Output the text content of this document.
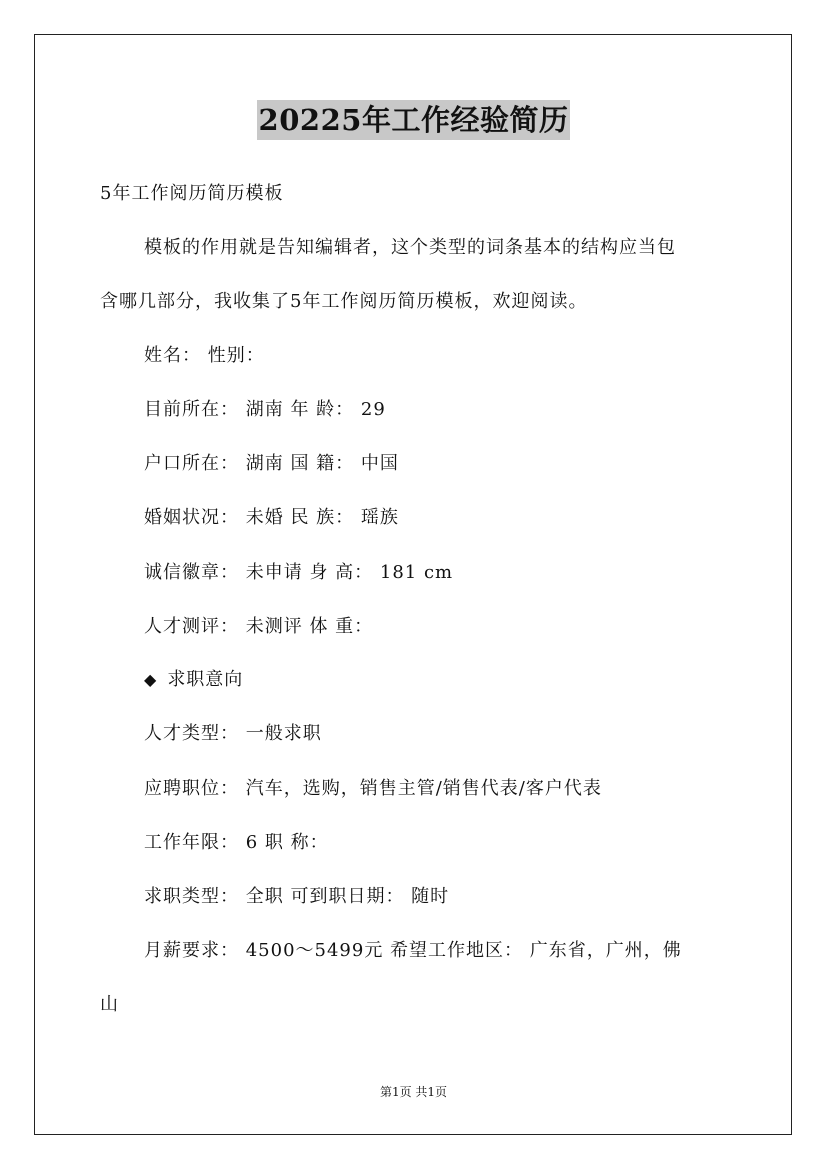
20225年工作经验简历
5年工作阅历简历模板
模板的作用就是告知编辑者，这个类型的词条基本的结构应当包
含哪几部分，我收集了5年工作阅历简历模板，欢迎阅读。
姓名： 性别：
目前所在： 湖南 年 龄： 29
户口所在： 湖南 国 籍： 中国
婚姻状况： 未婚 民 族： 瑶族
诚信徽章： 未申请 身 高： 181 cm
人才测评： 未测评 体 重：
◆ 求职意向
人才类型： 一般求职
应聘职位： 汽车，选购，销售主管/销售代表/客户代表
工作年限： 6 职 称：
求职类型： 全职 可到职日期： 随时
月薪要求： 4500～5499元 希望工作地区： 广东省，广州，佛
山
第1页 共1页
